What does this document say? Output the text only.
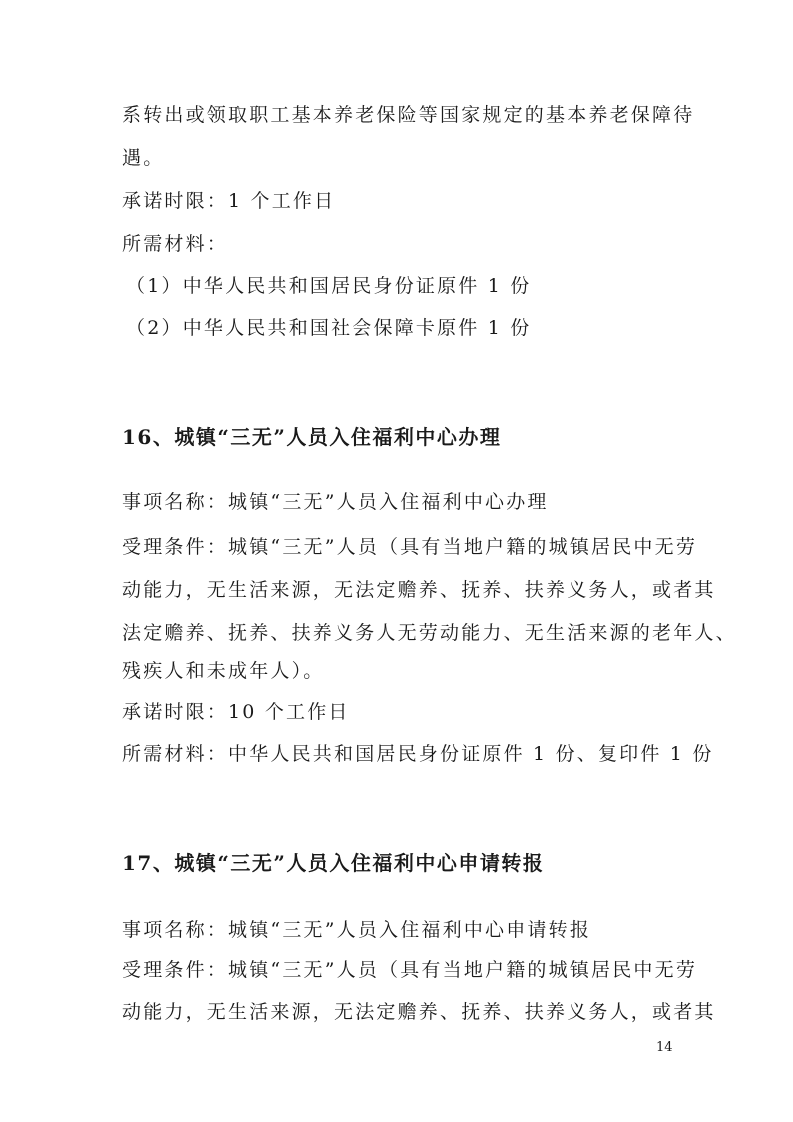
系转出或领取职工基本养老保险等国家规定的基本养老保障待

遇。

承诺时限：1 个工作日

所需材料：

（1）中华人民共和国居民身份证原件 1 份

（2）中华人民共和国社会保障卡原件 1 份

16、城镇“三无”人员入住福利中心办理

事项名称：城镇“三无”人员入住福利中心办理

受理条件：城镇“三无”人员（具有当地户籍的城镇居民中无劳

动能力，无生活来源，无法定赡养、抚养、扶养义务人，或者其

法定赡养、抚养、扶养义务人无劳动能力、无生活来源的老年人、

残疾人和未成年人）。

承诺时限：10 个工作日

所需材料：中华人民共和国居民身份证原件 1 份、复印件 1 份

17、城镇“三无”人员入住福利中心申请转报

事项名称：城镇“三无”人员入住福利中心申请转报

受理条件：城镇“三无”人员（具有当地户籍的城镇居民中无劳

动能力，无生活来源，无法定赡养、抚养、扶养义务人，或者其

14
